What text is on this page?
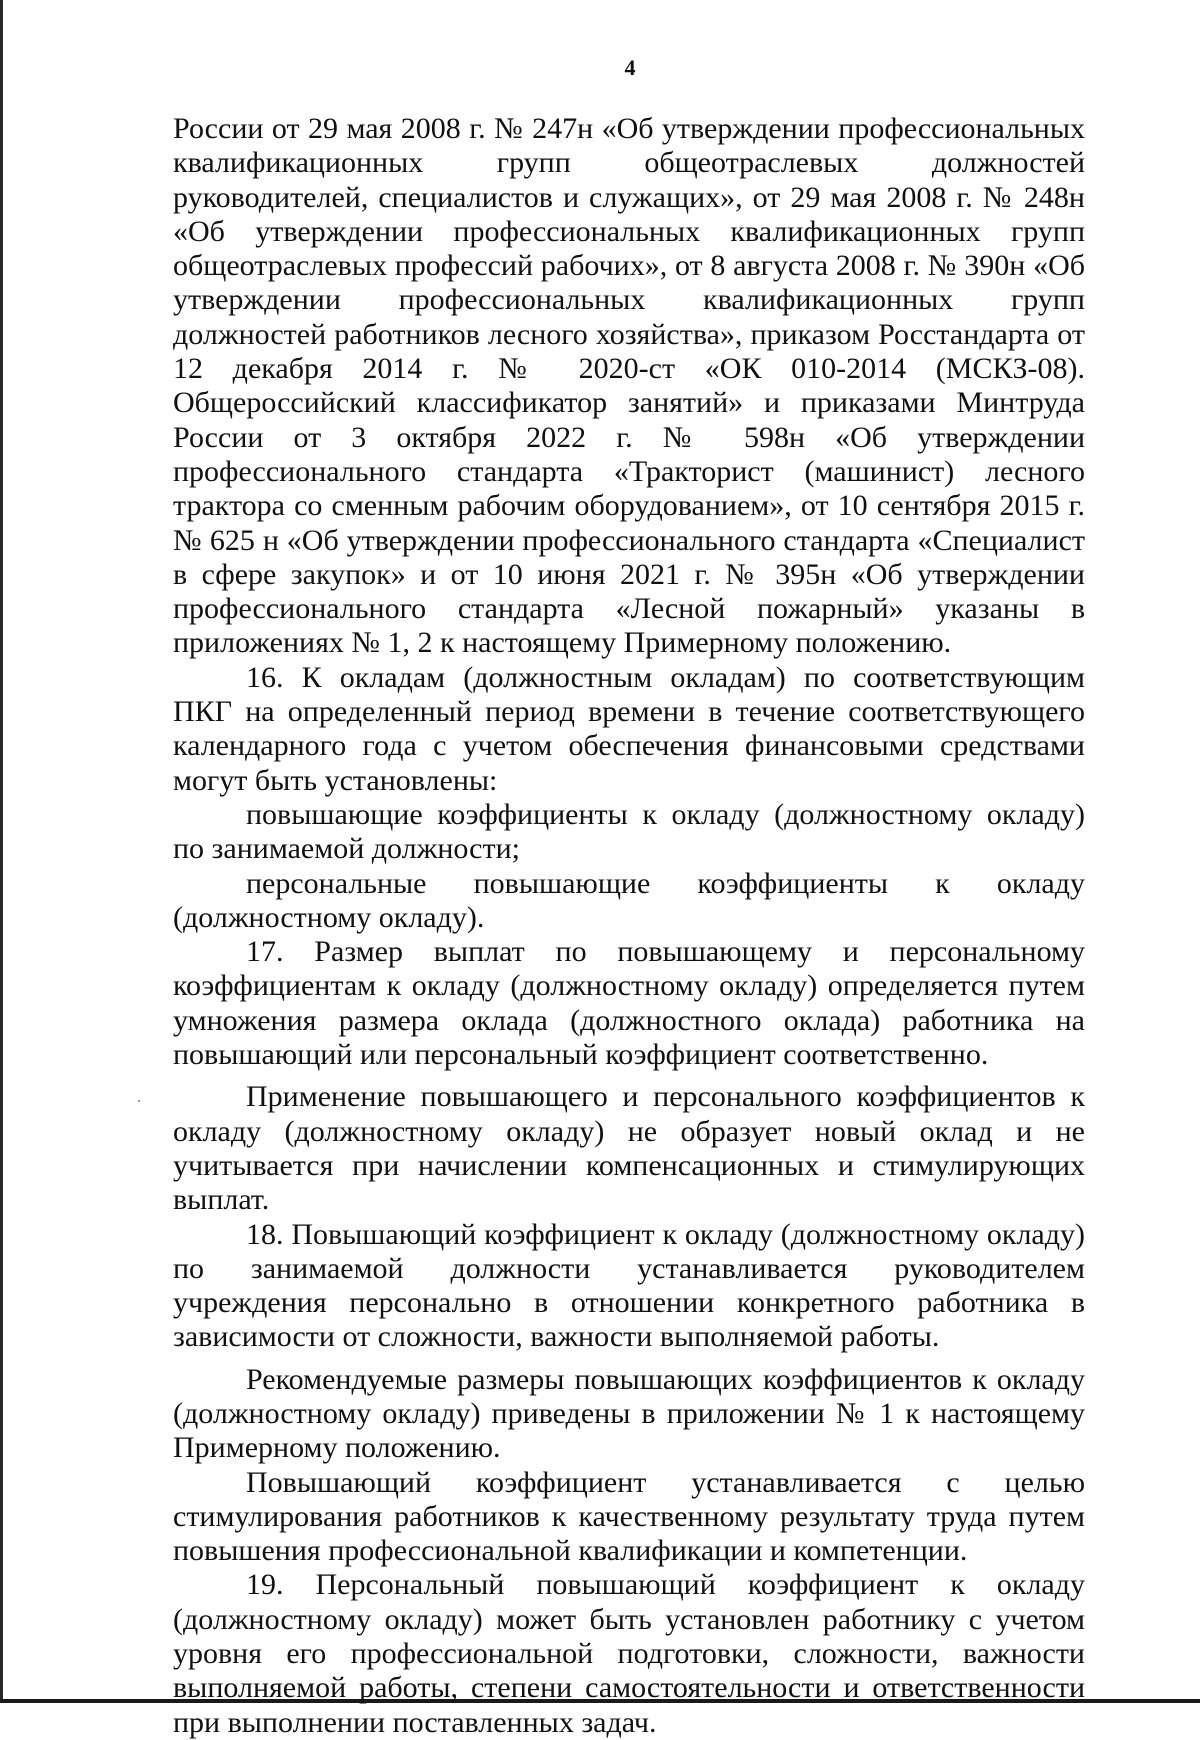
4

России от 29 мая 2008 г. № 247н «Об утверждении профессиональных квалификационных групп общеотраслевых должностей руководителей, специалистов и служащих», от 29 мая 2008 г. № 248н «Об утверждении профессиональных квалификационных групп общеотраслевых профессий рабочих», от 8 августа 2008 г. № 390н «Об утверждении профессиональных квалификационных групп должностей работников лесного хозяйства», приказом Росстандарта от 12 декабря 2014 г. № 2020-ст «ОК 010-2014 (МСКЗ-08). Общероссийский классификатор занятий» и приказами Минтруда России от 3 октября 2022 г. № 598н «Об утверждении профессионального стандарта «Тракторист (машинист) лесного трактора со сменным рабочим оборудованием», от 10 сентября 2015 г. № 625 н «Об утверждении профессионального стандарта «Специалист в сфере закупок» и от 10 июня 2021 г. № 395н «Об утверждении профессионального стандарта «Лесной пожарный» указаны в приложениях № 1, 2 к настоящему Примерному положению.

16. К окладам (должностным окладам) по соответствующим ПКГ на определенный период времени в течение соответствующего календарного года с учетом обеспечения финансовыми средствами могут быть установлены:

повышающие коэффициенты к окладу (должностному окладу) по занимаемой должности;

персональные повышающие коэффициенты к окладу (должностному окладу).

17. Размер выплат по повышающему и персональному коэффициентам к окладу (должностному окладу) определяется путем умножения размера оклада (должностного оклада) работника на повышающий или персональный коэффициент соответственно.

Применение повышающего и персонального коэффициентов к окладу (должностному окладу) не образует новый оклад и не учитывается при начислении компенсационных и стимулирующих выплат.

18. Повышающий коэффициент к окладу (должностному окладу) по занимаемой должности устанавливается руководителем учреждения персонально в отношении конкретного работника в зависимости от сложности, важности выполняемой работы.

Рекомендуемые размеры повышающих коэффициентов к окладу (должностному окладу) приведены в приложении № 1 к настоящему Примерному положению.

Повышающий коэффициент устанавливается с целью стимулирования работников к качественному результату труда путем повышения профессиональной квалификации и компетенции.

19. Персональный повышающий коэффициент к окладу (должностному окладу) может быть установлен работнику с учетом уровня его профессиональной подготовки, сложности, важности выполняемой работы, степени самостоятельности и ответственности при выполнении поставленных задач.
